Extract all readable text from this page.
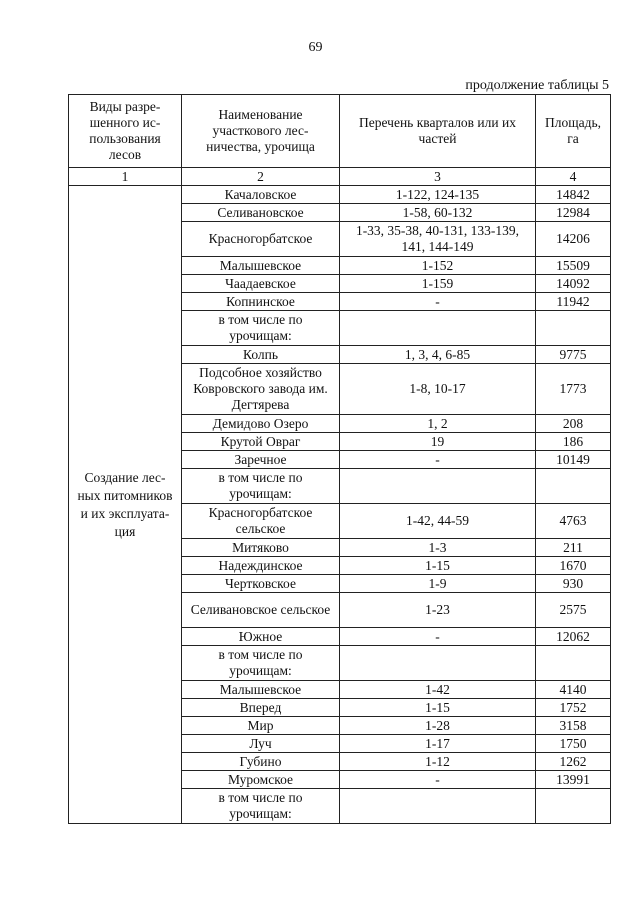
69
продолжение таблицы 5
Виды разре-шенного ис-пользования лесов	Наименование участкового лес-ничества, урочища	Перечень кварталов или их частей	Площадь, га
1	2	3	4
Создание лес-ных питомников и их эксплуата-ция	Качаловское	1-122, 124-135	14842
	Селивановское	1-58, 60-132	12984
	Красногорбатское	1-33, 35-38, 40-131, 133-139, 141, 144-149	14206
	Малышевское	1-152	15509
	Чаадаевское	1-159	14092
	Копнинское	-	11942
	в том числе по урочищам:		
	Колпь	1, 3, 4, 6-85	9775
	Подсобное хозяйство Ковровского завода им. Дегтярева	1-8, 10-17	1773
	Демидово Озеро	1, 2	208
	Крутой Овраг	19	186
	Заречное	-	10149
	в том числе по урочищам:		
	Красногорбатское сельское	1-42, 44-59	4763
	Митяково	1-3	211
	Надеждинское	1-15	1670
	Чертковское	1-9	930
	Селивановское сельское	1-23	2575
	Южное	-	12062
	в том числе по урочищам:		
	Малышевское	1-42	4140
	Вперед	1-15	1752
	Мир	1-28	3158
	Луч	1-17	1750
	Губино	1-12	1262
	Муромское	-	13991
	в том числе по урочищам:		
